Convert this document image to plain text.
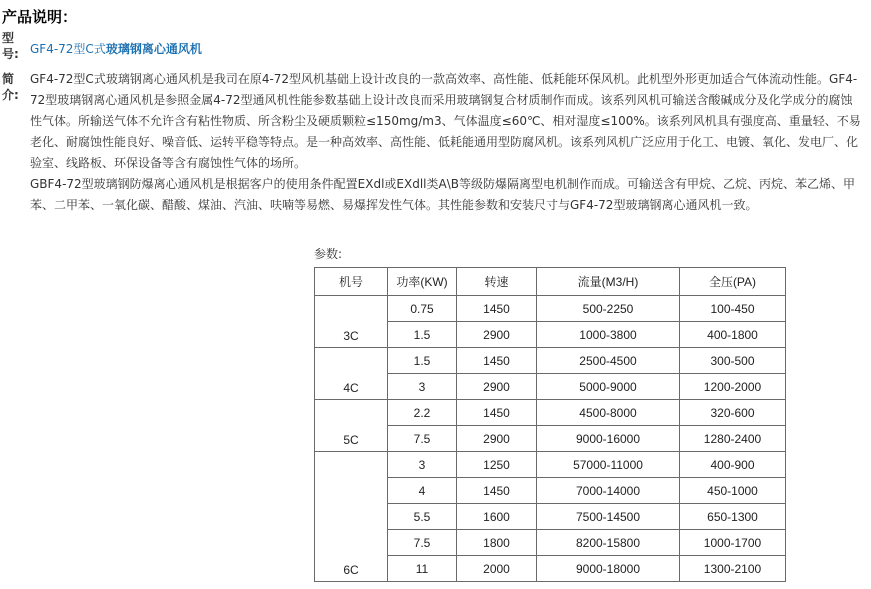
产品说明：
型号: GF4-72型C式玻璃钢离心通风机
简介:

GF4-72型C式玻璃钢离心通风机是我司在原4-72型风机基础上设计改良的一款高效率、高性能、低耗能环保风机。此机型外形更加适合气体流动性能。GF4-72型玻璃钢离心通风机是参照金属4-72型通风机性能参数基础上设计改良而采用玻璃钢复合材质制作而成。该系列风机可输送含酸碱成分及化学成分的腐蚀性气体。所输送气体不允许含有粘性物质、所含粉尘及硬质颗粒≤150mg/m3、气体温度≤60℃、相对湿度≤100%。该系列风机具有强度高、重量轻、不易老化、耐腐蚀性能良好、噪音低、运转平稳等特点。是一种高效率、高性能、低耗能通用型防腐风机。该系列风机广泛应用于化工、电镀、氧化、发电厂、化验室、线路板、环保设备等含有腐蚀性气体的场所。

GBF4-72型玻璃钢防爆离心通风机是根据客户的使用条件配置EXdl或EXdll类A\B等级防爆隔离型电机制作而成。可输送含有甲烷、乙烷、丙烷、苯乙烯、甲苯、二甲苯、一氧化碳、醋酸、煤油、汽油、呋喃等易燃、易爆挥发性气体。其性能参数和安装尺寸与GF4-72型玻璃钢离心通风机一致。

参数:
机号	功率(KW)	转速	流量(M3/H)	全压(PA)
3C	0.75	1450	500-2250	100-450
	1.5	2900	1000-3800	400-1800
4C	1.5	1450	2500-4500	300-500
	3	2900	5000-9000	1200-2000
5C	2.2	1450	4500-8000	320-600
	7.5	2900	9000-16000	1280-2400
6C	3	1250	57000-11000	400-900
	4	1450	7000-14000	450-1000
	5.5	1600	7500-14500	650-1300
	7.5	1800	8200-15800	1000-1700
	11	2000	9000-18000	1300-2100
